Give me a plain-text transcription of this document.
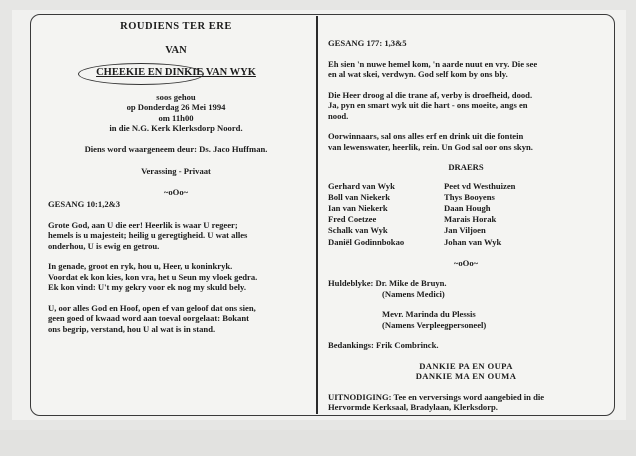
ROUDIENS TER ERE
VAN
CHEEKIE EN DINKIE VAN WYK
soos gehou
op Donderdag 26 Mei 1994
om 11h00
in die N.G. Kerk Klerksdorp Noord.
Diens word waargeneem deur: Ds. Jaco Huffman.
Verassing - Privaat
~oOo~
GESANG 10:1,2&3
Grote God, aan U die eer! Heerlik is waar U regeer;
hemels is u majesteit; heilig u geregtigheid. U wat alles
onderhou, U is ewig en getrou.
In genade, groot en ryk, hou u, Heer, u koninkryk.
Voordat ek kon kies, kon vra, het u Seun my vloek gedra.
Ek kon vind: U't my gekry voor ek nog my skuld bely.
U, oor alles God en Hoof, open ef van geloof dat ons sien,
geen goed of kwaad word aan toeval oorgelaat: Bokant
ons begrip, verstand, hou U al wat is in stand.
GESANG 177: 1,3&5
Eh sien 'n nuwe hemel kom, 'n aarde nuut en vry. Die see
en al wat skei, verdwyn. God self kom by ons bly.
Die Heer droog al die trane af, verby is droefheid, dood.
Ja, pyn en smart wyk uit die hart - ons moeite, angs en
nood.
Oorwinnaars, sal ons alles erf en drink uit die fontein
van lewenswater, heerlik, rein. Un God sal oor ons skyn.
DRAERS
Gerhard van Wyk	Peet vd Westhuizen
Boll van Niekerk	Thys Booyens
Ian van Niekerk	Daan Hough
Fred Coetzee	Marais Horak
Schalk van Wyk	Jan Viljoen
Daniël Godinnbokao	Johan van Wyk
~oOo~
Huldeblyke: Dr. Mike de Bruyn.
(Namens Medici)
Mevr. Marinda du Plessis
(Namens Verpleegpersoneel)
Bedankings: Frik Combrinck.
DANKIE PA EN OUPA
DANKIE MA EN OUMA
UITNODIGING: Tee en verversings word aangebied in die
Hervormde Kerksaal, Bradylaan, Klerksdorp.
